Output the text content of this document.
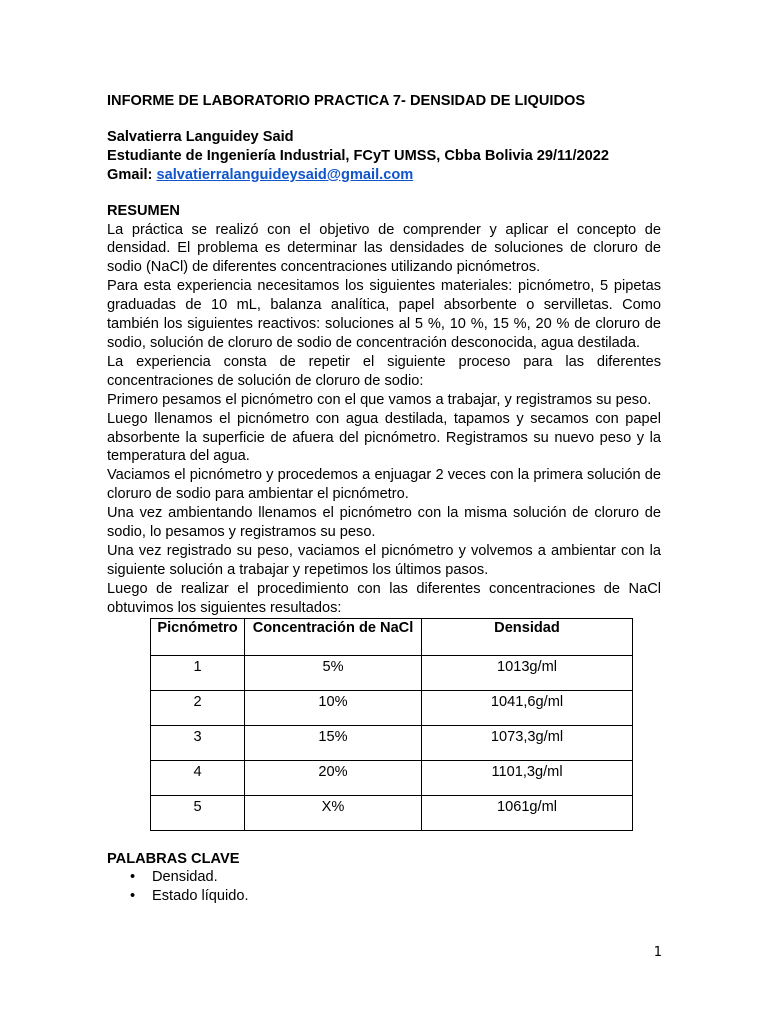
INFORME DE LABORATORIO PRACTICA 7- DENSIDAD DE LIQUIDOS
Salvatierra Languidey Said
Estudiante de Ingeniería Industrial, FCyT UMSS, Cbba Bolivia 29/11/2022
Gmail: salvatierralanguideysaid@gmail.com
RESUMEN

La práctica se realizó con el objetivo de comprender y aplicar el concepto de densidad. El problema es determinar las densidades de soluciones de cloruro de sodio (NaCl) de diferentes concentraciones utilizando picnómetros.

Para esta experiencia necesitamos los siguientes materiales: picnómetro, 5 pipetas graduadas de 10 mL, balanza analítica, papel absorbente o servilletas. Como también los siguientes reactivos: soluciones al 5 %, 10 %, 15 %, 20 % de cloruro de sodio, solución de cloruro de sodio de concentración desconocida, agua destilada.

La experiencia consta de repetir el siguiente proceso para las diferentes concentraciones de solución de cloruro de sodio:

Primero pesamos el picnómetro con el que vamos a trabajar, y registramos su peso.

Luego llenamos el picnómetro con agua destilada, tapamos y secamos con papel absorbente la superficie de afuera del picnómetro. Registramos su nuevo peso y la temperatura del agua.

Vaciamos el picnómetro y procedemos a enjuagar 2 veces con la primera solución de cloruro de sodio para ambientar el picnómetro.

Una vez ambientando llenamos el picnómetro con la misma solución de cloruro de sodio, lo pesamos y registramos su peso.

Una vez registrado su peso, vaciamos el picnómetro y volvemos a ambientar con la siguiente solución a trabajar y repetimos los últimos pasos.

Luego de realizar el procedimiento con las diferentes concentraciones de NaCl obtuvimos los siguientes resultados:

Picnómetro	Concentración de NaCl	Densidad
1	5%	1013g/ml
2	10%	1041,6g/ml
3	15%	1073,3g/ml
4	20%	1101,3g/ml
5	X%	1061g/ml
PALABRAS CLAVE
• Densidad.
• Estado líquido.
1
